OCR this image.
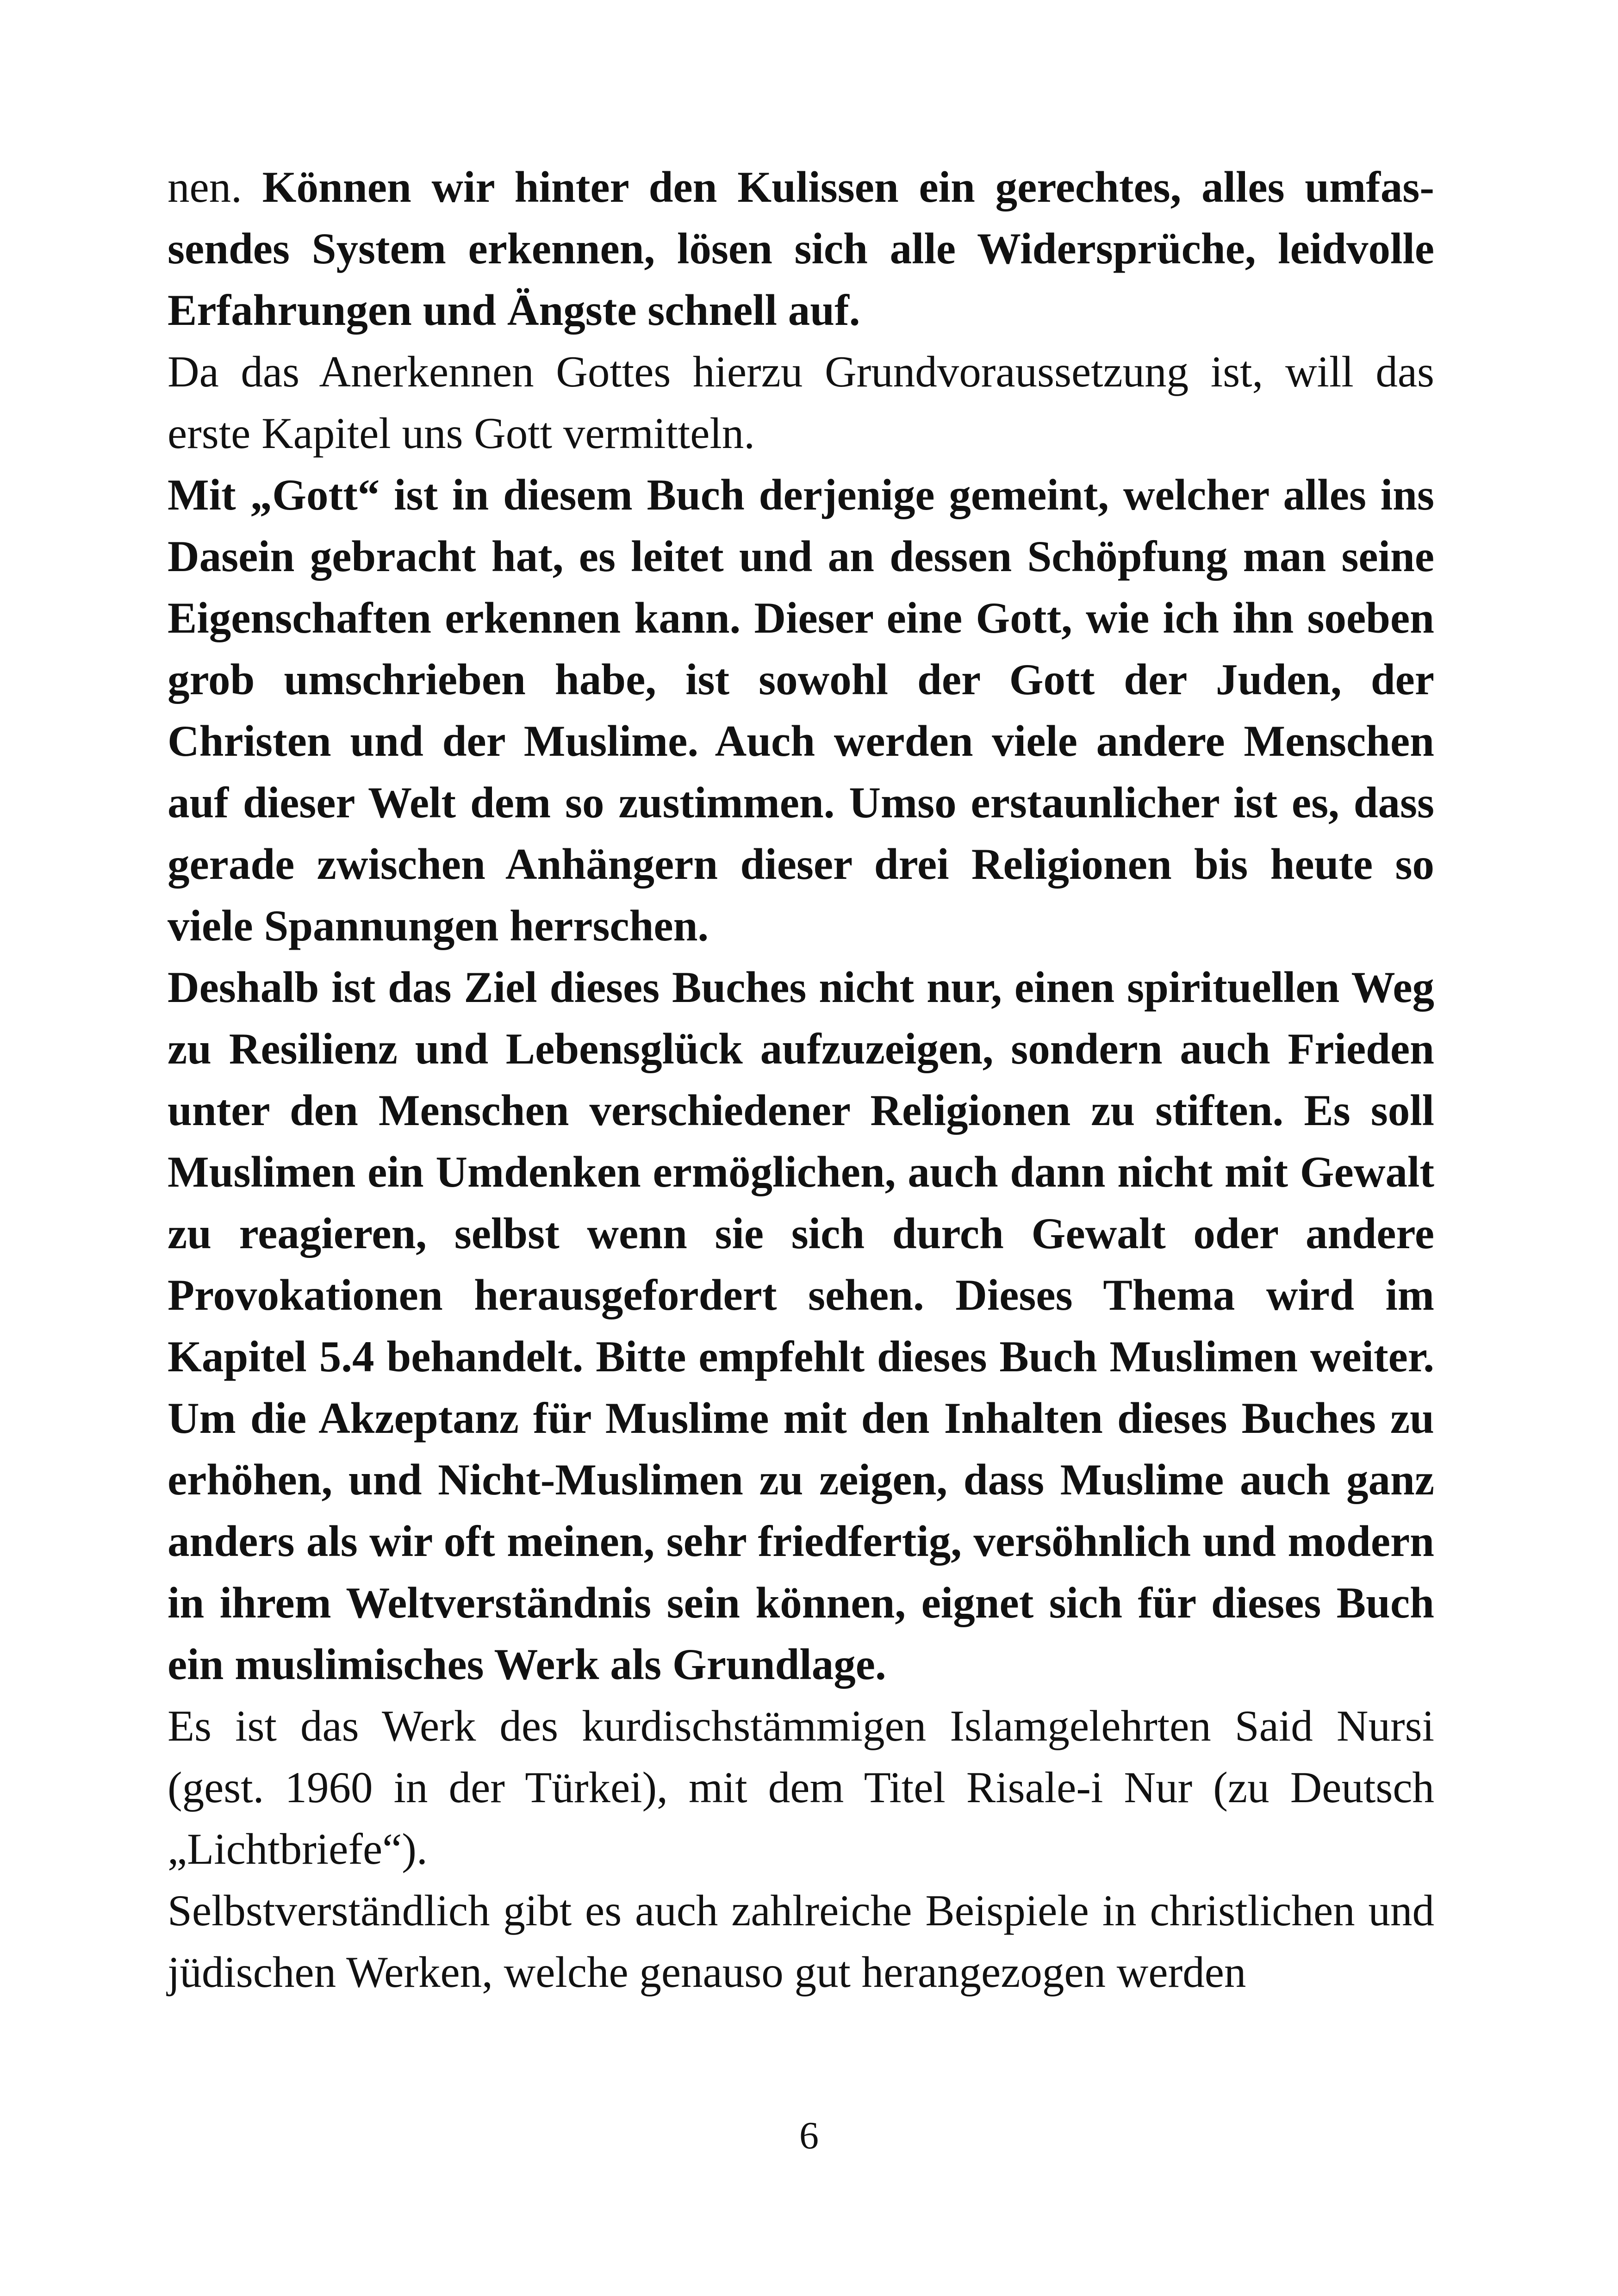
nen. Können wir hinter den Kulissen ein gerechtes, alles umfassendes System erkennen, lösen sich alle Widersprüche, leidvolle Erfahrungen und Ängste schnell auf.

Da das Anerkennen Gottes hierzu Grundvoraussetzung ist, will das erste Kapitel uns Gott vermitteln.

Mit „Gott“ ist in diesem Buch derjenige gemeint, welcher alles ins Dasein gebracht hat, es leitet und an dessen Schöpfung man seine Eigenschaften erkennen kann. Dieser eine Gott, wie ich ihn soeben grob umschrieben habe, ist sowohl der Gott der Juden, der Christen und der Muslime. Auch werden viele andere Menschen auf dieser Welt dem so zustimmen. Umso erstaunlicher ist es, dass gerade zwischen Anhängern dieser drei Religionen bis heute so viele Spannungen herrschen.

Deshalb ist das Ziel dieses Buches nicht nur, einen spirituellen Weg zu Resilienz und Lebensglück aufzuzeigen, sondern auch Frieden unter den Menschen verschiedener Religionen zu stiften. Es soll Muslimen ein Umdenken ermöglichen, auch dann nicht mit Gewalt zu reagieren, selbst wenn sie sich durch Gewalt oder andere Provokationen herausgefordert sehen. Dieses Thema wird im Kapitel 5.4 behandelt. Bitte empfehlt dieses Buch Muslimen weiter. Um die Akzeptanz für Muslime mit den Inhalten dieses Buches zu erhöhen, und Nicht-Muslimen zu zeigen, dass Muslime auch ganz anders als wir oft meinen, sehr friedfertig, versöhnlich und modern in ihrem Weltverständnis sein können, eignet sich für dieses Buch ein muslimisches Werk als Grundlage.

Es ist das Werk des kurdischstämmigen Islamgelehrten Said Nursi (gest. 1960 in der Türkei), mit dem Titel Risale-i Nur (zu Deutsch „Lichtbriefe“).

Selbstverständlich gibt es auch zahlreiche Beispiele in christlichen und jüdischen Werken, welche genauso gut herangezogen werden

6
